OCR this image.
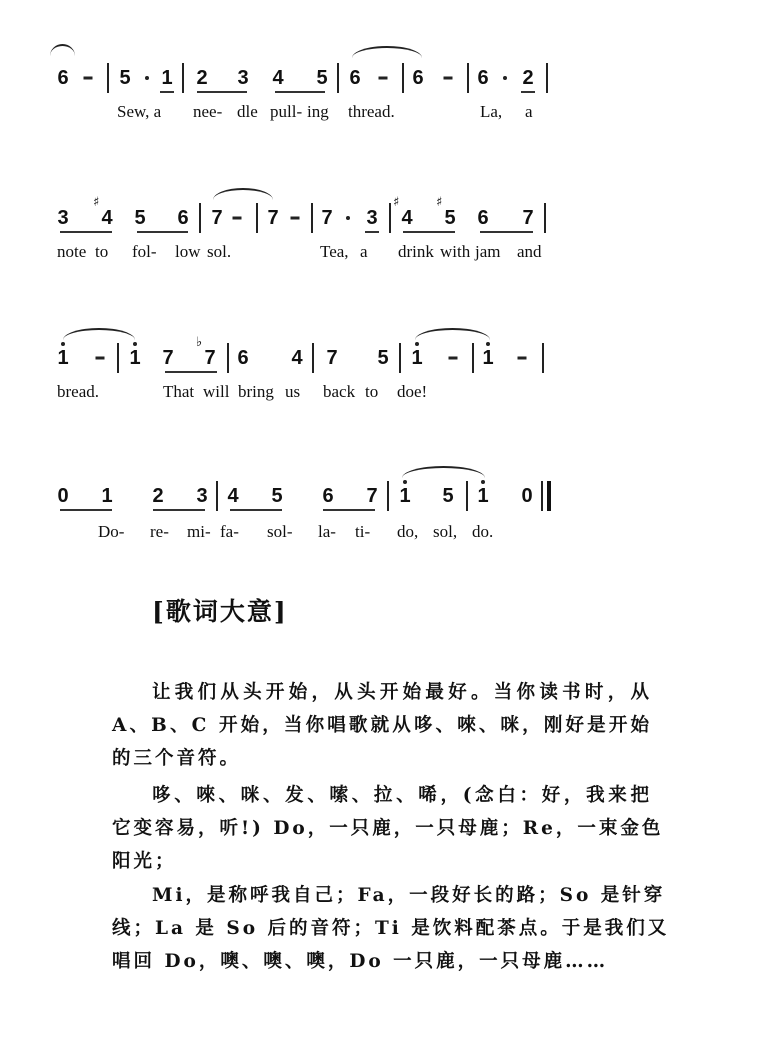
6	5 1 2 3 4 5 6	6	6 2
Sew, a nee- dle pull- ing thread.	La, a
3 4
♯
5 6 7 7 7 3 4
♯
5
♯
6 7
note to fol- low sol.	Tea, a drink with jam and
1	1 7 7
♭
6 4 7 5 1	1
bread.	That will bring us back to doe!
0 1 2 3 4 5 6 7 1 5 1 0
Do- re- mi- fa- sol- la- ti- do, sol, do.
[歌词大意]
让我们从头开始，从头开始最好。当你读书时，从
A、B、C 开始，当你唱歌就从哆、唻、咪，刚好是开始
的三个音符。
哆、唻、咪、发、嗦、拉、唏，(念白：好，我来把
它变容易，听!) Do，一只鹿，一只母鹿；Re，一束金色
阳光；
Mi，是称呼我自己；Fa，一段好长的路；So 是针穿
线；La 是 So 后的音符；Ti 是饮料配茶点。于是我们又
唱回 Do，噢、噢、噢，Do 一只鹿，一只母鹿……
